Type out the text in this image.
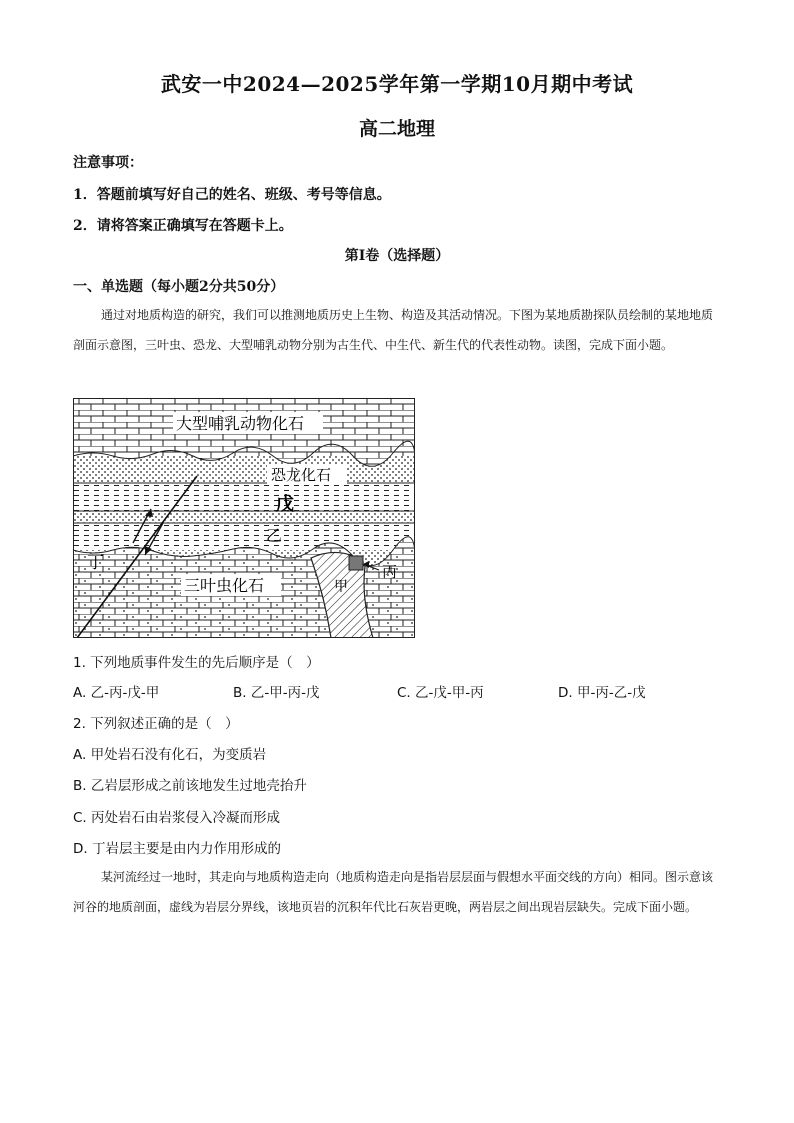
武安一中2024—2025学年第一学期10月期中考试
高二地理
注意事项：
1．答题前填写好自己的姓名、班级、考号等信息。
2．请将答案正确填写在答题卡上。
第I卷（选择题）
一、单选题（每小题2分共50分）
通过对地质构造的研究，我们可以推测地质历史上生物、构造及其活动情况。下图为某地质勘探队员绘制的某地地质剖面示意图，三叶虫、恐龙、大型哺乳动物分别为古生代、中生代、新生代的代表性动物。读图，完成下面小题。
大型哺乳动物化石
恐龙化石
戊
乙
丁
三叶虫化石	甲
丙
1. 下列地质事件发生的先后顺序是（　）
A. 乙-丙-戊-甲	B. 乙-甲-丙-戊	C. 乙-戊-甲-丙	D. 甲-丙-乙-戊
2. 下列叙述正确的是（　）
A. 甲处岩石没有化石，为变质岩
B. 乙岩层形成之前该地发生过地壳抬升
C. 丙处岩石由岩浆侵入冷凝而形成
D. 丁岩层主要是由内力作用形成的
某河流经过一地时，其走向与地质构造走向（地质构造走向是指岩层层面与假想水平面交线的方向）相同。图示意该河谷的地质剖面，虚线为岩层分界线，该地页岩的沉积年代比石灰岩更晚，两岩层之间出现岩层缺失。完成下面小题。
